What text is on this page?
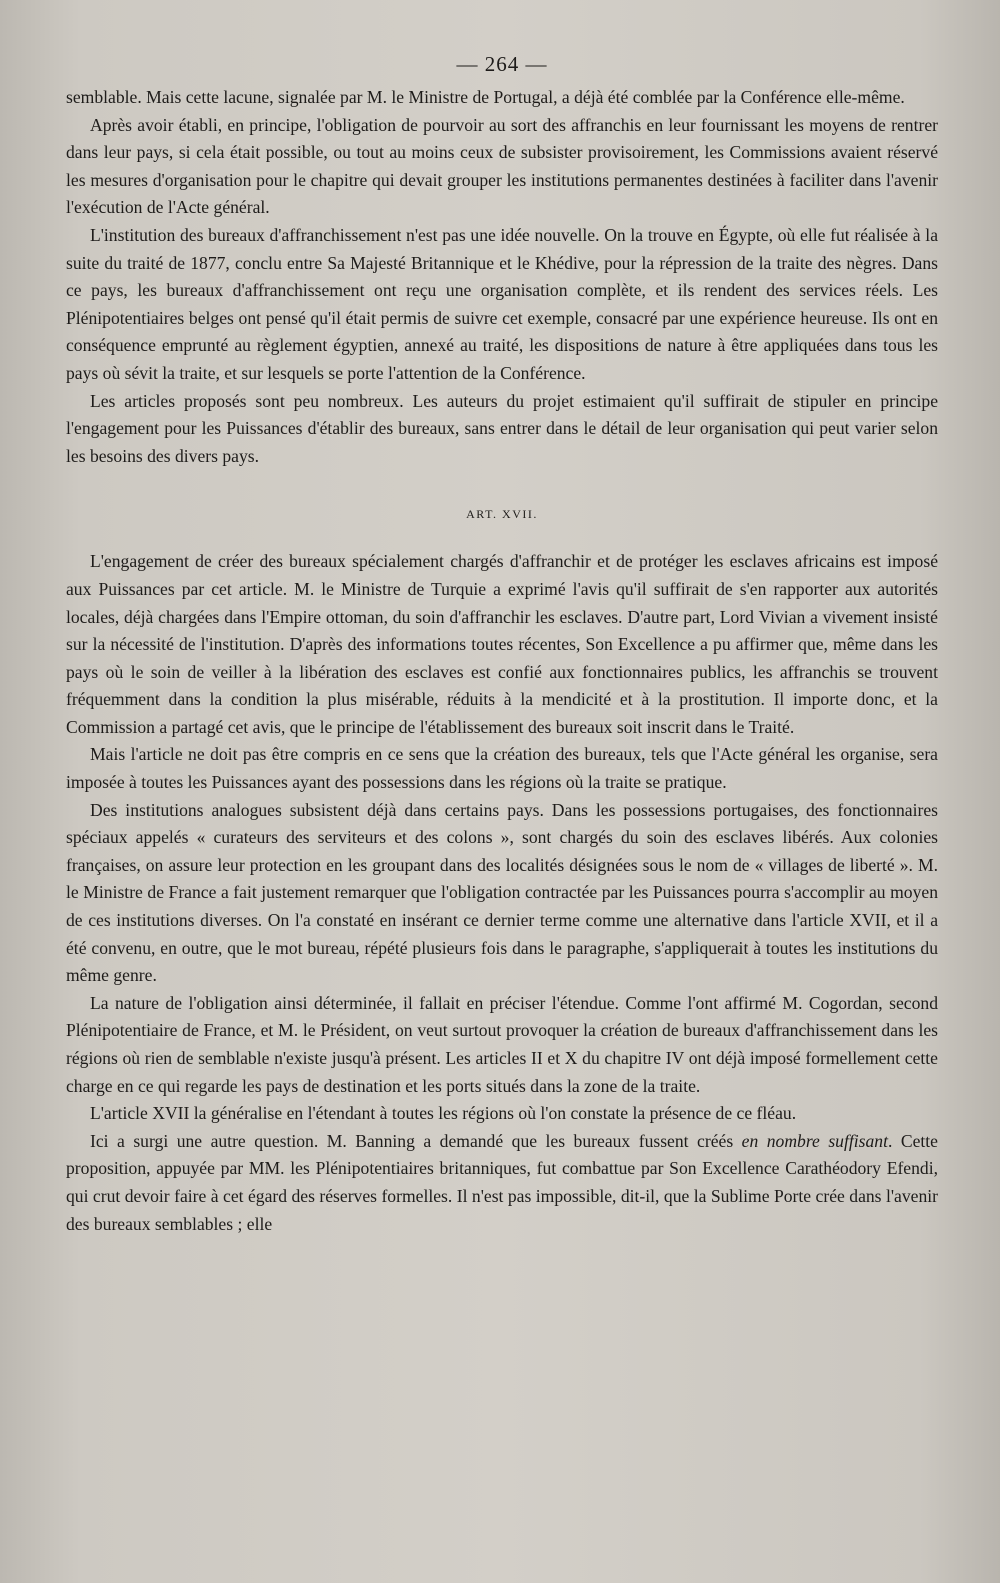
— 264 —

semblable. Mais cette lacune, signalée par M. le Ministre de Portugal, a déjà été comblée par la Conférence elle-même.

Après avoir établi, en principe, l'obligation de pourvoir au sort des affranchis en leur fournissant les moyens de rentrer dans leur pays, si cela était possible, ou tout au moins ceux de subsister provisoirement, les Commissions avaient réservé les mesures d'organisation pour le chapitre qui devait grouper les institutions permanentes destinées à faciliter dans l'avenir l'exécution de l'Acte général.

L'institution des bureaux d'affranchissement n'est pas une idée nouvelle. On la trouve en Égypte, où elle fut réalisée à la suite du traité de 1877, conclu entre Sa Majesté Britannique et le Khédive, pour la répression de la traite des nègres. Dans ce pays, les bureaux d'affranchissement ont reçu une organisation complète, et ils rendent des services réels. Les Plénipotentiaires belges ont pensé qu'il était permis de suivre cet exemple, consacré par une expérience heureuse. Ils ont en conséquence emprunté au règlement égyptien, annexé au traité, les dispositions de nature à être appliquées dans tous les pays où sévit la traite, et sur lesquels se porte l'attention de la Conférence.

Les articles proposés sont peu nombreux. Les auteurs du projet estimaient qu'il suffirait de stipuler en principe l'engagement pour les Puissances d'établir des bureaux, sans entrer dans le détail de leur organisation qui peut varier selon les besoins des divers pays.

ART. XVII.

L'engagement de créer des bureaux spécialement chargés d'affranchir et de protéger les esclaves africains est imposé aux Puissances par cet article. M. le Ministre de Turquie a exprimé l'avis qu'il suffirait de s'en rapporter aux autorités locales, déjà chargées dans l'Empire ottoman, du soin d'affranchir les esclaves. D'autre part, Lord Vivian a vivement insisté sur la nécessité de l'institution. D'après des informations toutes récentes, Son Excellence a pu affirmer que, même dans les pays où le soin de veiller à la libération des esclaves est confié aux fonctionnaires publics, les affranchis se trouvent fréquemment dans la condition la plus misérable, réduits à la mendicité et à la prostitution. Il importe donc, et la Commission a partagé cet avis, que le principe de l'établissement des bureaux soit inscrit dans le Traité.

Mais l'article ne doit pas être compris en ce sens que la création des bureaux, tels que l'Acte général les organise, sera imposée à toutes les Puissances ayant des possessions dans les régions où la traite se pratique.

Des institutions analogues subsistent déjà dans certains pays. Dans les possessions portugaises, des fonctionnaires spéciaux appelés « curateurs des serviteurs et des colons », sont chargés du soin des esclaves libérés. Aux colonies françaises, on assure leur protection en les groupant dans des localités désignées sous le nom de « villages de liberté ». M. le Ministre de France a fait justement remarquer que l'obligation contractée par les Puissances pourra s'accomplir au moyen de ces institutions diverses. On l'a constaté en insérant ce dernier terme comme une alternative dans l'article XVII, et il a été convenu, en outre, que le mot bureau, répété plusieurs fois dans le paragraphe, s'appliquerait à toutes les institutions du même genre.

La nature de l'obligation ainsi déterminée, il fallait en préciser l'étendue. Comme l'ont affirmé M. Cogordan, second Plénipotentiaire de France, et M. le Président, on veut surtout provoquer la création de bureaux d'affranchissement dans les régions où rien de semblable n'existe jusqu'à présent. Les articles II et X du chapitre IV ont déjà imposé formellement cette charge en ce qui regarde les pays de destination et les ports situés dans la zone de la traite.

L'article XVII la généralise en l'étendant à toutes les régions où l'on constate la présence de ce fléau.

Ici a surgi une autre question. M. Banning a demandé que les bureaux fussent créés en nombre suffisant. Cette proposition, appuyée par MM. les Plénipotentiaires britanniques, fut combattue par Son Excellence Carathéodory Efendi, qui crut devoir faire à cet égard des réserves formelles. Il n'est pas impossible, dit-il, que la Sublime Porte crée dans l'avenir des bureaux semblables ; elle
